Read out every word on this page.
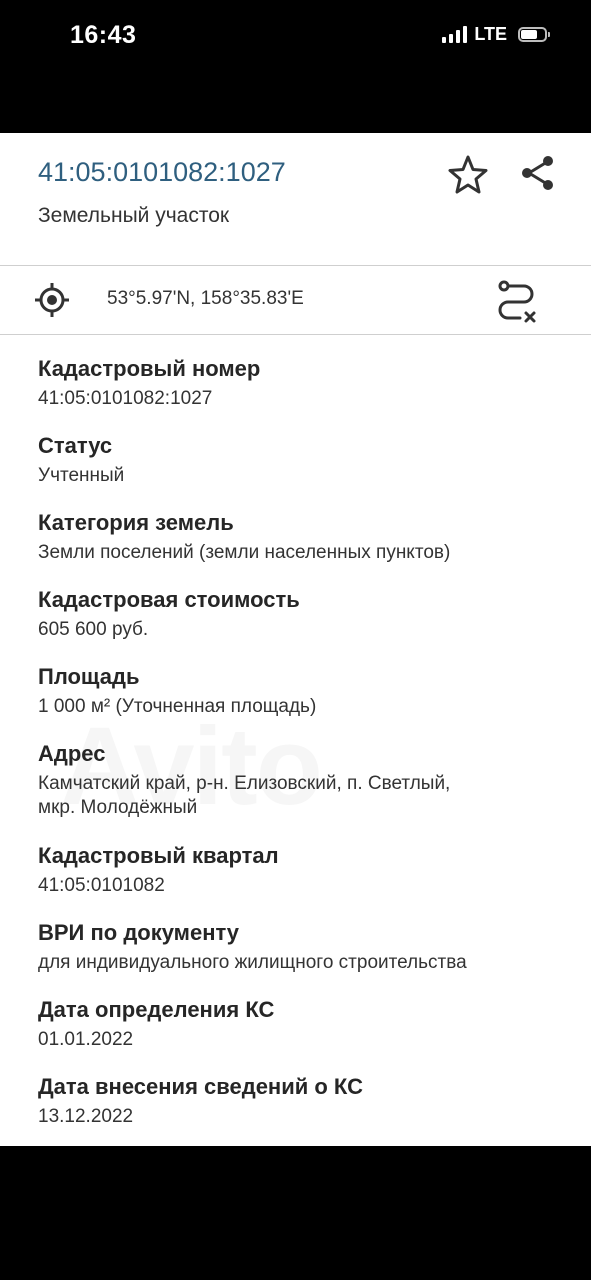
16:43	LTE
41:05:0101082:1027
Земельный участок
53°5.97'N, 158°35.83'E
Кадастровый номер
41:05:0101082:1027
Статус
Учтенный
Категория земель
Земли поселений (земли населенных пунктов)
Кадастровая стоимость
605 600 руб.
Площадь
1 000 м² (Уточненная площадь)
Адрес
Камчатский край, р-н. Елизовский, п. Светлый,
мкр. Молодёжный
Кадастровый квартал
41:05:0101082
ВРИ по документу
для индивидуального жилищного строительства
Дата определения КС
01.01.2022
Дата внесения сведений о КС
13.12.2022
